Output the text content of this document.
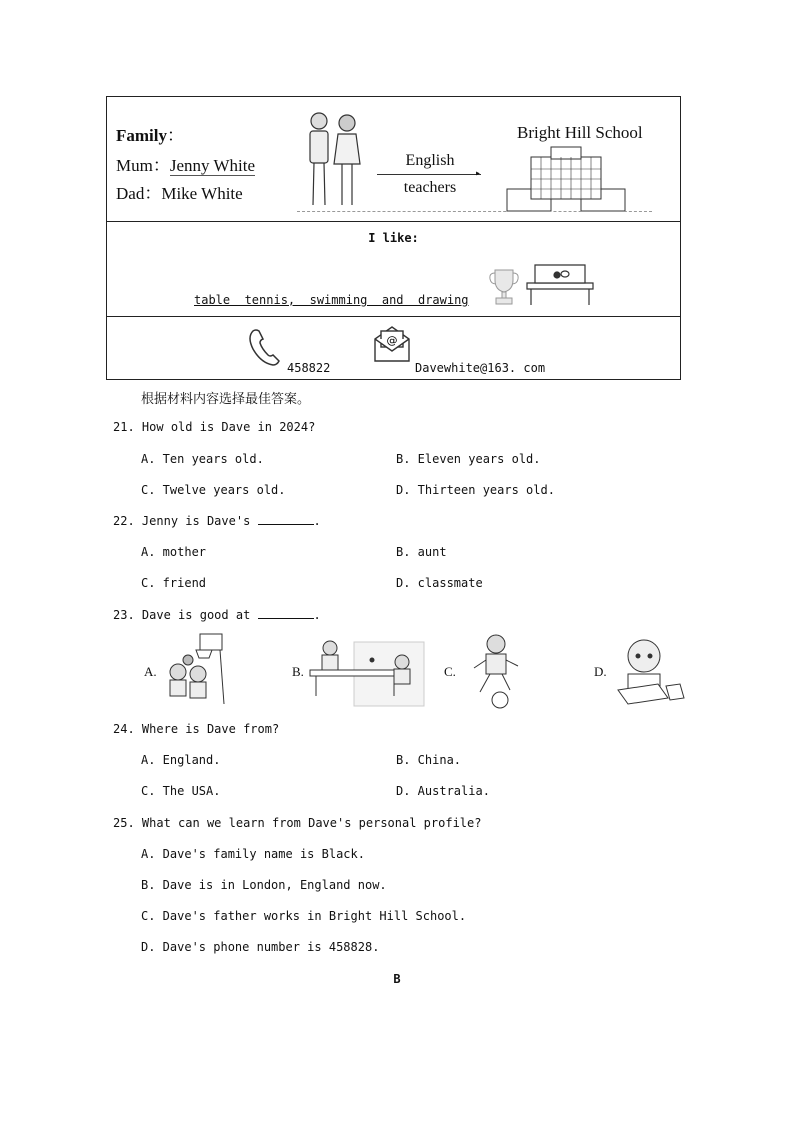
Family：
Mum：Jenny White
Dad：Mike White
English
▸
teachers
Bright Hill School
I like:
table  tennis,  swimming  and  drawing
458822
@
Davewhite@163. com
根据材料内容选择最佳答案。
21. How old is Dave in 2024?
A. Ten years old.	B. Eleven years old.
C. Twelve years old.	D. Thirteen years old.
22. Jenny is Dave's	.
A. mother	B. aunt
C. friend	D. classmate
23. Dave is good at	.
A.	B.	C.	D.
24. Where is Dave from?
A. England.	B. China.
C. The USA.	D. Australia.
25. What can we learn from Dave's personal profile?
A. Dave's family name is Black.
B. Dave is in London, England now.
C. Dave's father works in Bright Hill School.
D. Dave's phone number is 458828.
B
